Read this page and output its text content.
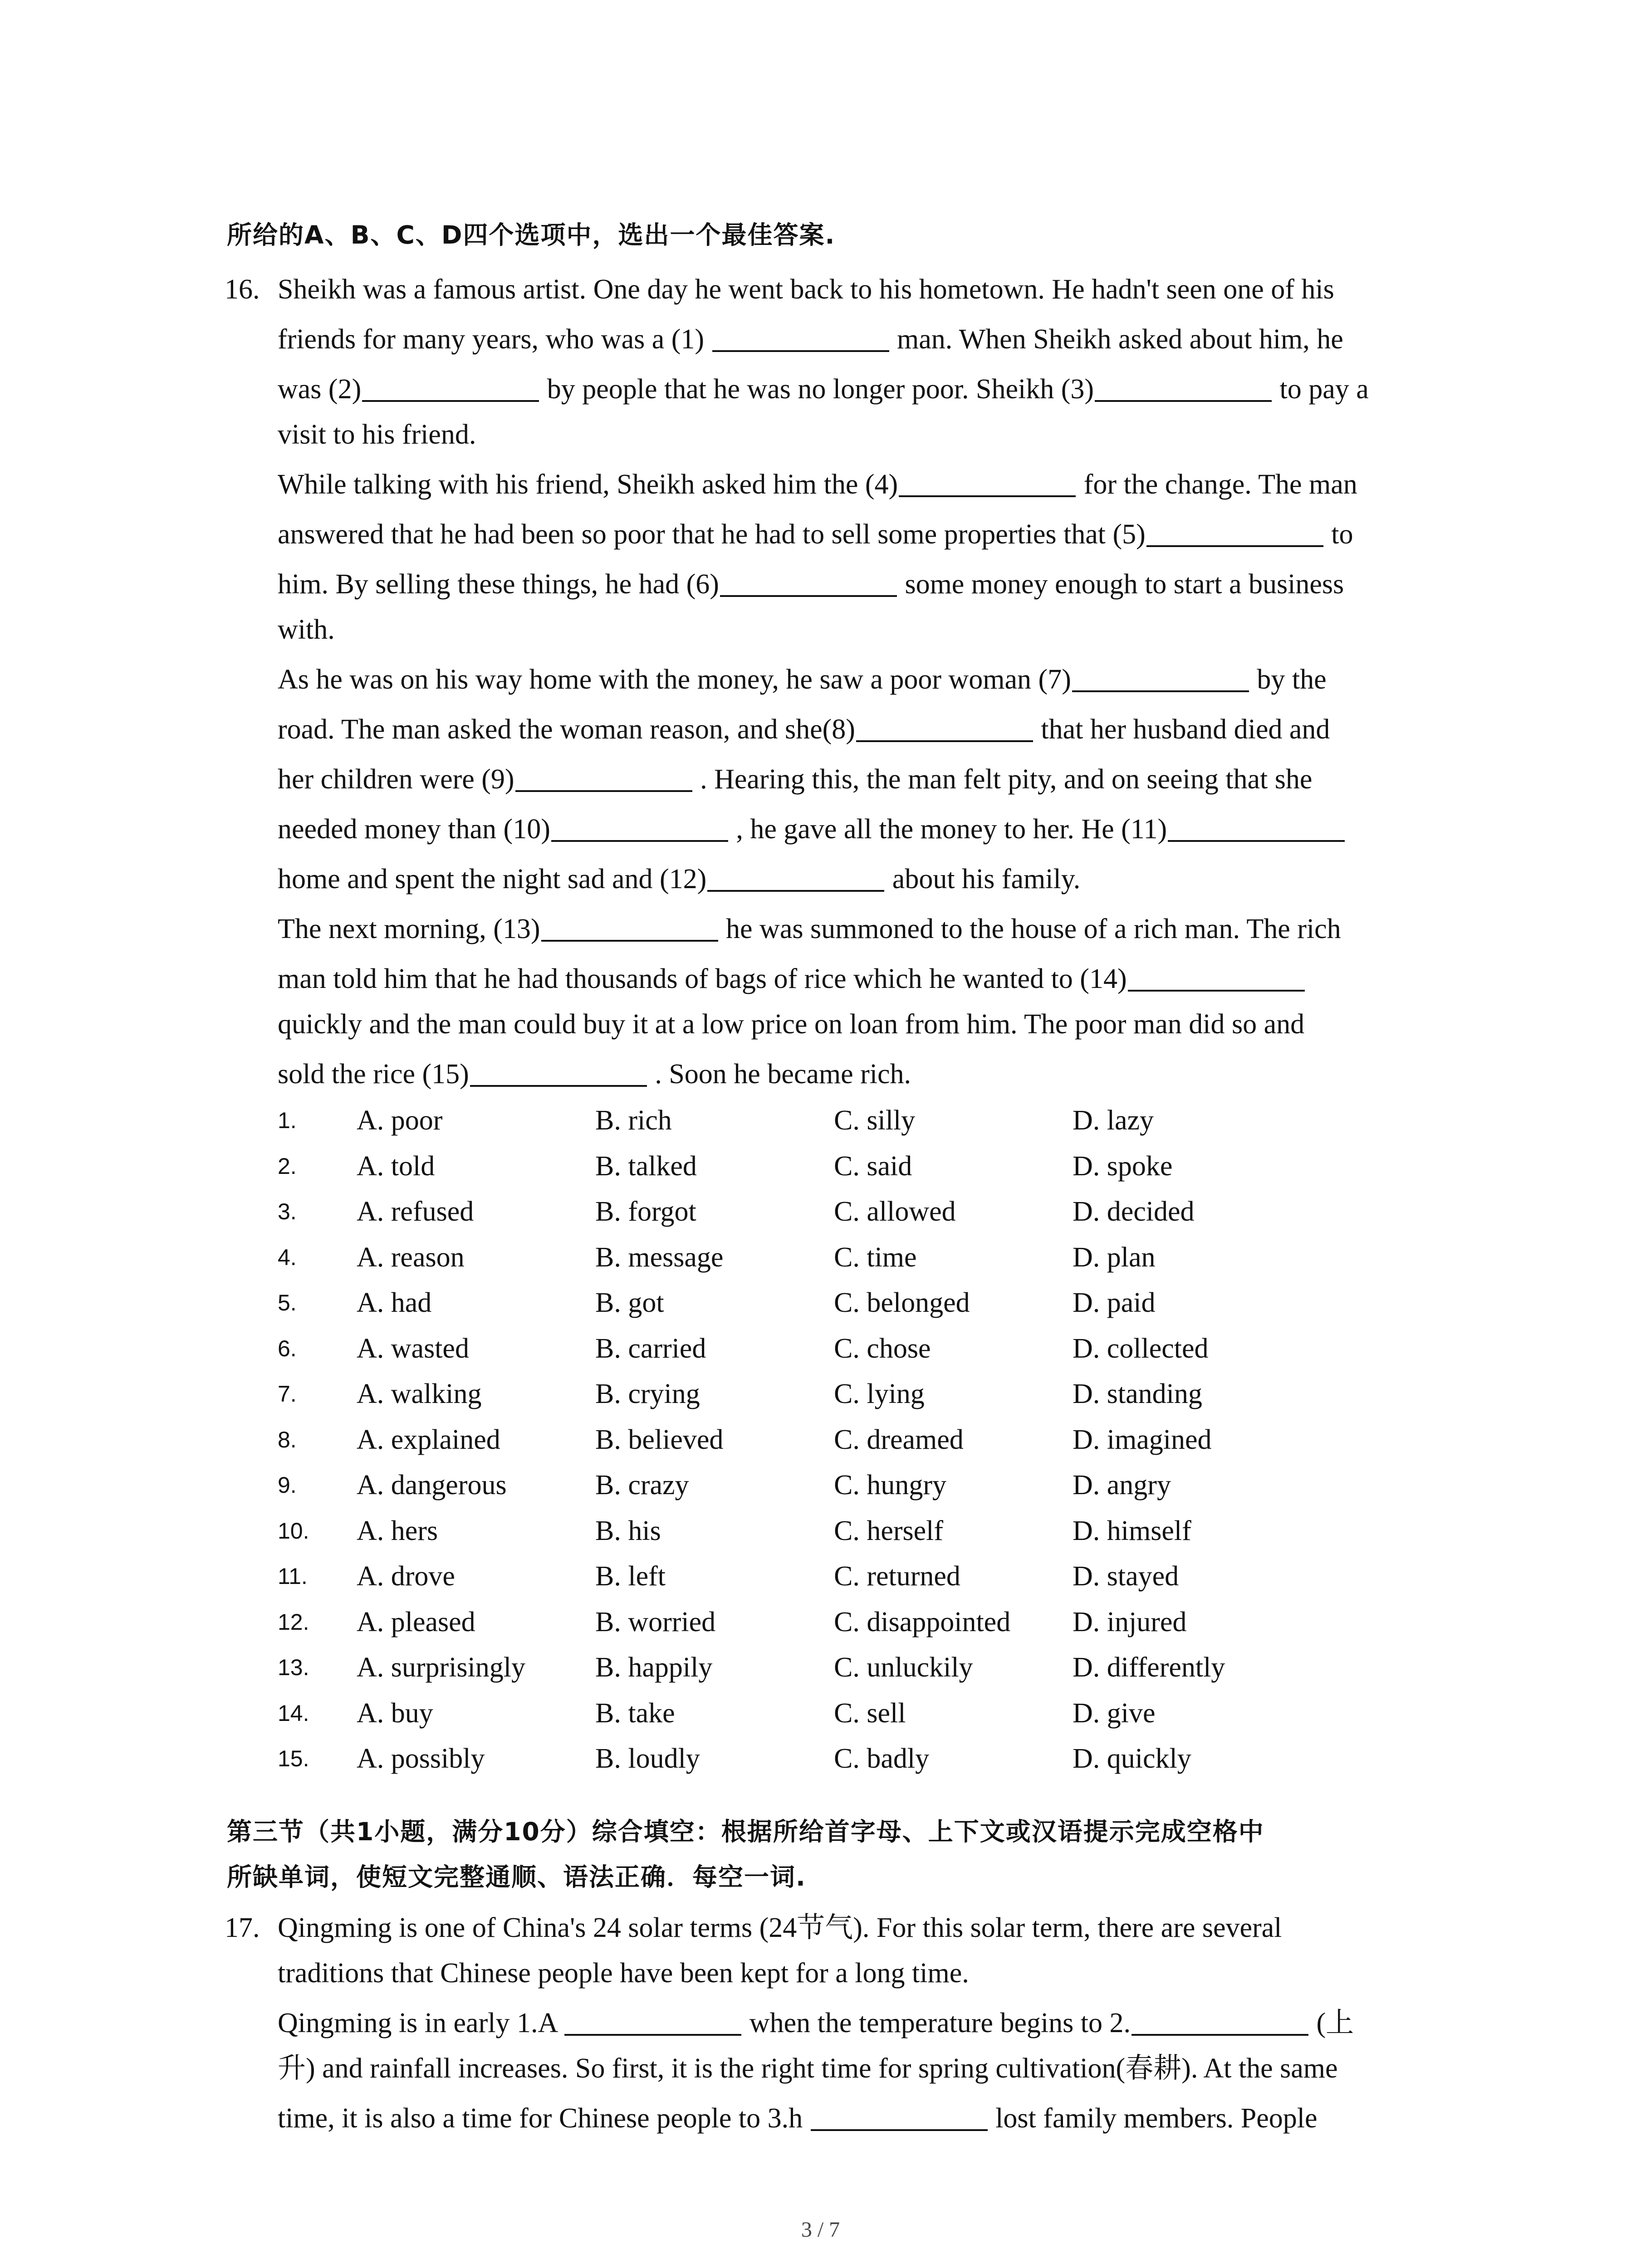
所给的A、B、C、D四个选项中，选出一个最佳答案.
16. Sheikh was a famous artist. One day he went back to his hometown. He hadn't seen one of his
friends for many years, who was a (1)	man. When Sheikh asked about him, he
was (2)	by people that he was no longer poor. Sheikh (3)	to pay a
visit to his friend.
While talking with his friend, Sheikh asked him the (4)	for the change. The man
answered that he had been so poor that he had to sell some properties that (5)	to
him. By selling these things, he had (6)	some money enough to start a business
with.
As he was on his way home with the money, he saw a poor woman (7)	by the
road. The man asked the woman reason, and she(8)	that her husband died and
her children were (9)	. Hearing this, the man felt pity, and on seeing that she
needed money than (10)	, he gave all the money to her. He (11)
home and spent the night sad and (12)	about his family.
The next morning, (13)	he was summoned to the house of a rich man. The rich
man told him that he had thousands of bags of rice which he wanted to (14)
quickly and the man could buy it at a low price on loan from him. The poor man did so and
sold the rice (15)	. Soon he became rich.
1. A. poor	B. rich	C. silly	D. lazy
2. A. told	B. talked	C. said	D. spoke
3. A. refused	B. forgot	C. allowed	D. decided
4. A. reason	B. message	C. time	D. plan
5. A. had	B. got	C. belonged	D. paid
6. A. wasted	B. carried	C. chose	D. collected
7. A. walking	B. crying	C. lying	D. standing
8. A. explained	B. believed	C. dreamed	D. imagined
9. A. dangerous	B. crazy	C. hungry	D. angry
10. A. hers	B. his	C. herself	D. himself
11. A. drove	B. left	C. returned	D. stayed
12. A. pleased	B. worried	C. disappointed D. injured
13. A. surprisingly B. happily	C. unluckily	D. differently
14. A. buy	B. take	C. sell	D. give
15. A. possibly	B. loudly	C. badly	D. quickly
第三节（共1小题，满分10分）综合填空：根据所给首字母、上下文或汉语提示完成空格中
所缺单词，使短文完整通顺、语法正确．每空一词.
17. Qingming is one of China's 24 solar terms (24节气). For this solar term, there are several
traditions that Chinese people have been kept for a long time.
Qingming is in early 1.A	when the temperature begins to 2.	(上
升) and rainfall increases. So first, it is the right time for spring cultivation(春耕). At the same
time, it is also a time for Chinese people to 3.h	lost family members. People
3 / 7
